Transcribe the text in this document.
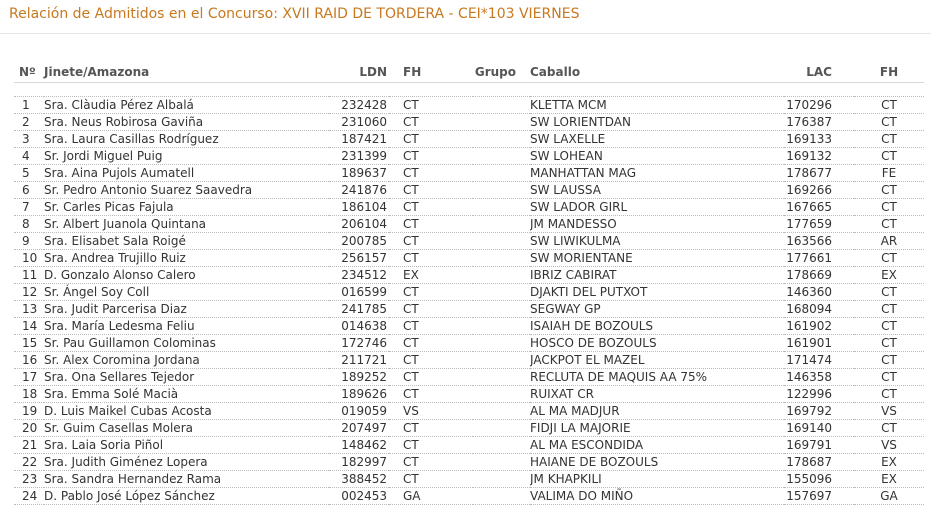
Relación de Admitidos en el Concurso: XVII RAID DE TORDERA - CEI*103 VIERNES
Nº	Jinete/Amazona	LDN	FH	Grupo	Caballo	LAC	FH

1	Sra. Clàudia Pérez Albalá	232428	CT		KLETTA MCM	170296	CT
2	Sra. Neus Robirosa Gaviña	231060	CT		SW LORIENTDAN	176387	CT
3	Sra. Laura Casillas Rodríguez	187421	CT		SW LAXELLE	169133	CT
4	Sr. Jordi Miguel Puig	231399	CT		SW LOHEAN	169132	CT
5	Sra. Aina Pujols Aumatell	189637	CT		MANHATTAN MAG	178677	FE
6	Sr. Pedro Antonio Suarez Saavedra	241876	CT		SW LAUSSA	169266	CT
7	Sr. Carles Picas Fajula	186104	CT		SW LADOR GIRL	167665	CT
8	Sr. Albert Juanola Quintana	206104	CT		JM MANDESSO	177659	CT
9	Sra. Elisabet Sala Roigé	200785	CT		SW LIWIKULMA	163566	AR
10	Sra. Andrea Trujillo Ruiz	256157	CT		SW MORIENTANE	177661	CT
11	D. Gonzalo Alonso Calero	234512	EX		IBRIZ CABIRAT	178669	EX
12	Sr. Ángel Soy Coll	016599	CT		DJAKTI DEL PUTXOT	146360	CT
13	Sra. Judit Parcerisa Diaz	241785	CT		SEGWAY GP	168094	CT
14	Sra. María Ledesma Feliu	014638	CT		ISAIAH DE BOZOULS	161902	CT
15	Sr. Pau Guillamon Colominas	172746	CT		HOSCO DE BOZOULS	161901	CT
16	Sr. Alex Coromina Jordana	211721	CT		JACKPOT EL MAZEL	171474	CT
17	Sra. Ona Sellares Tejedor	189252	CT		RECLUTA DE MAQUIS AA 75%	146358	CT
18	Sra. Emma Solé Macià	189626	CT		RUIXAT CR	122996	CT
19	D. Luis Maikel Cubas Acosta	019059	VS		AL MA MADJUR	169792	VS
20	Sr. Guim Casellas Molera	207497	CT		FIDJI LA MAJORIE	169140	CT
21	Sra. Laia Soria Piñol	148462	CT		AL MA ESCONDIDA	169791	VS
22	Sra. Judith Giménez Lopera	182997	CT		HAIANE DE BOZOULS	178687	EX
23	Sra. Sandra Hernandez Rama	388452	CT		JM KHAPKILI	155096	EX
24	D. Pablo José López Sánchez	002453	GA		VALIMA DO MIÑO	157697	GA
